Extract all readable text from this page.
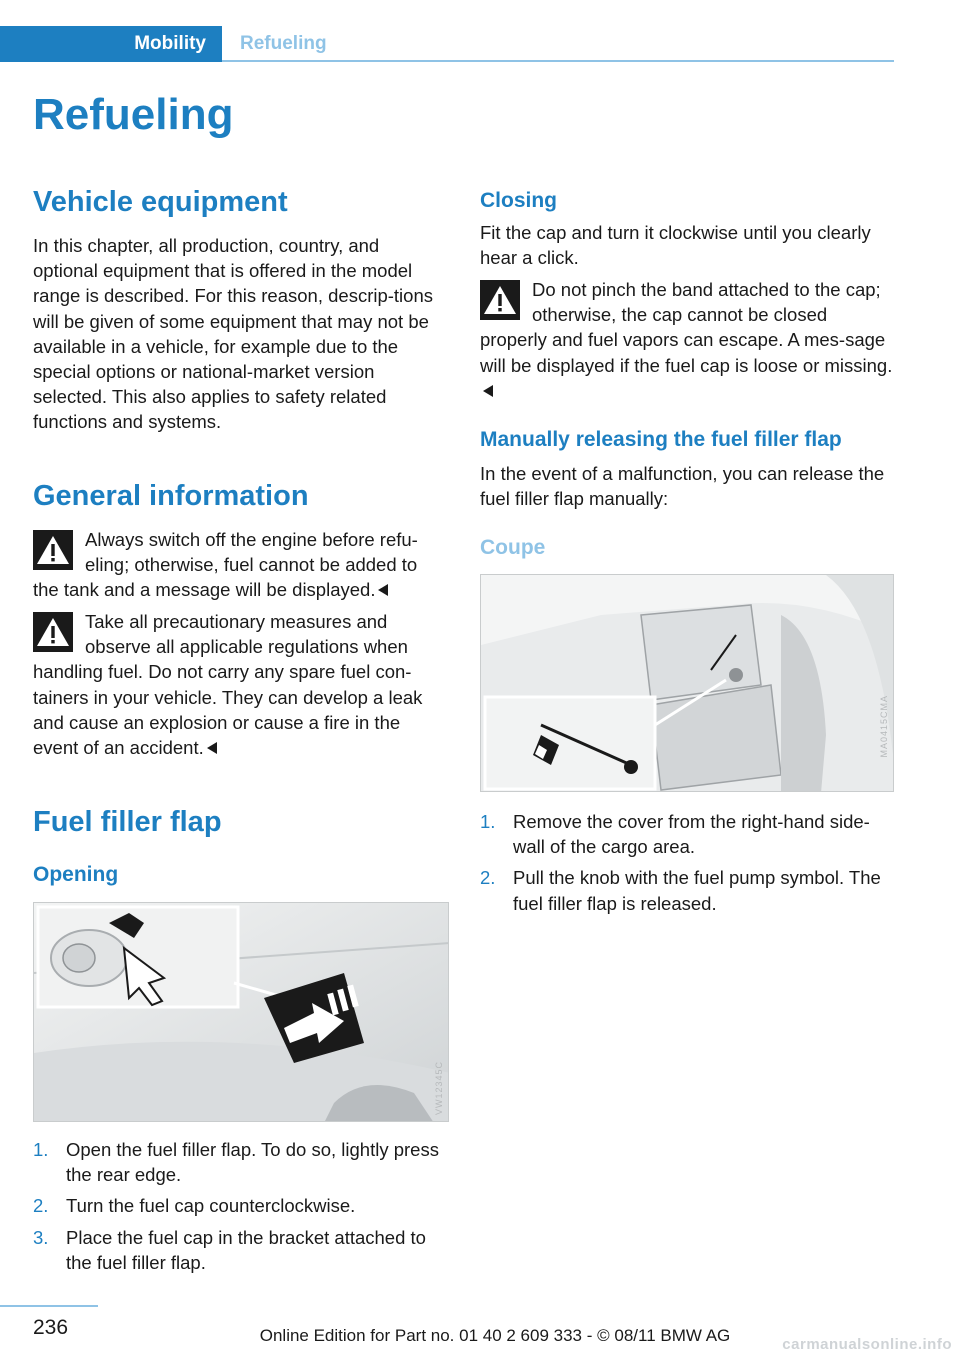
Mobility	Refueling
Refueling
Vehicle equipment

In this chapter, all production, country, and optional equipment that is offered in the model range is described. For this reason, descrip-tions will be given of some equipment that may not be available in a vehicle, for example due to the special options or national-market version selected. This also applies to safety related functions and systems.

General information
Always switch off the engine before refu-eling; otherwise, fuel cannot be added to the tank and a message will be displayed.
Take all precautionary measures and observe all applicable regulations when handling fuel. Do not carry any spare fuel con-tainers in your vehicle. They can develop a leak and cause an explosion or cause a fire in the event of an accident.
Fuel filler flap
Opening
VW12345C
1. Open the fuel filler flap. To do so, lightly press the rear edge.
2. Turn the fuel cap counterclockwise.
3. Place the fuel cap in the bracket attached to the fuel filler flap.
Closing

Fit the cap and turn it clockwise until you clearly hear a click.

Do not pinch the band attached to the cap; otherwise, the cap cannot be closed properly and fuel vapors can escape. A mes-sage will be displayed if the fuel cap is loose or missing.
Manually releasing the fuel filler flap

In the event of a malfunction, you can release the fuel filler flap manually:

Coupe
MA0415CMA
1. Remove the cover from the right-hand side-wall of the cargo area.
2. Pull the knob with the fuel pump symbol. The fuel filler flap is released.
236	Online Edition for Part no. 01 40 2 609 333 - © 08/11 BMW AG	carmanualsonline.info
